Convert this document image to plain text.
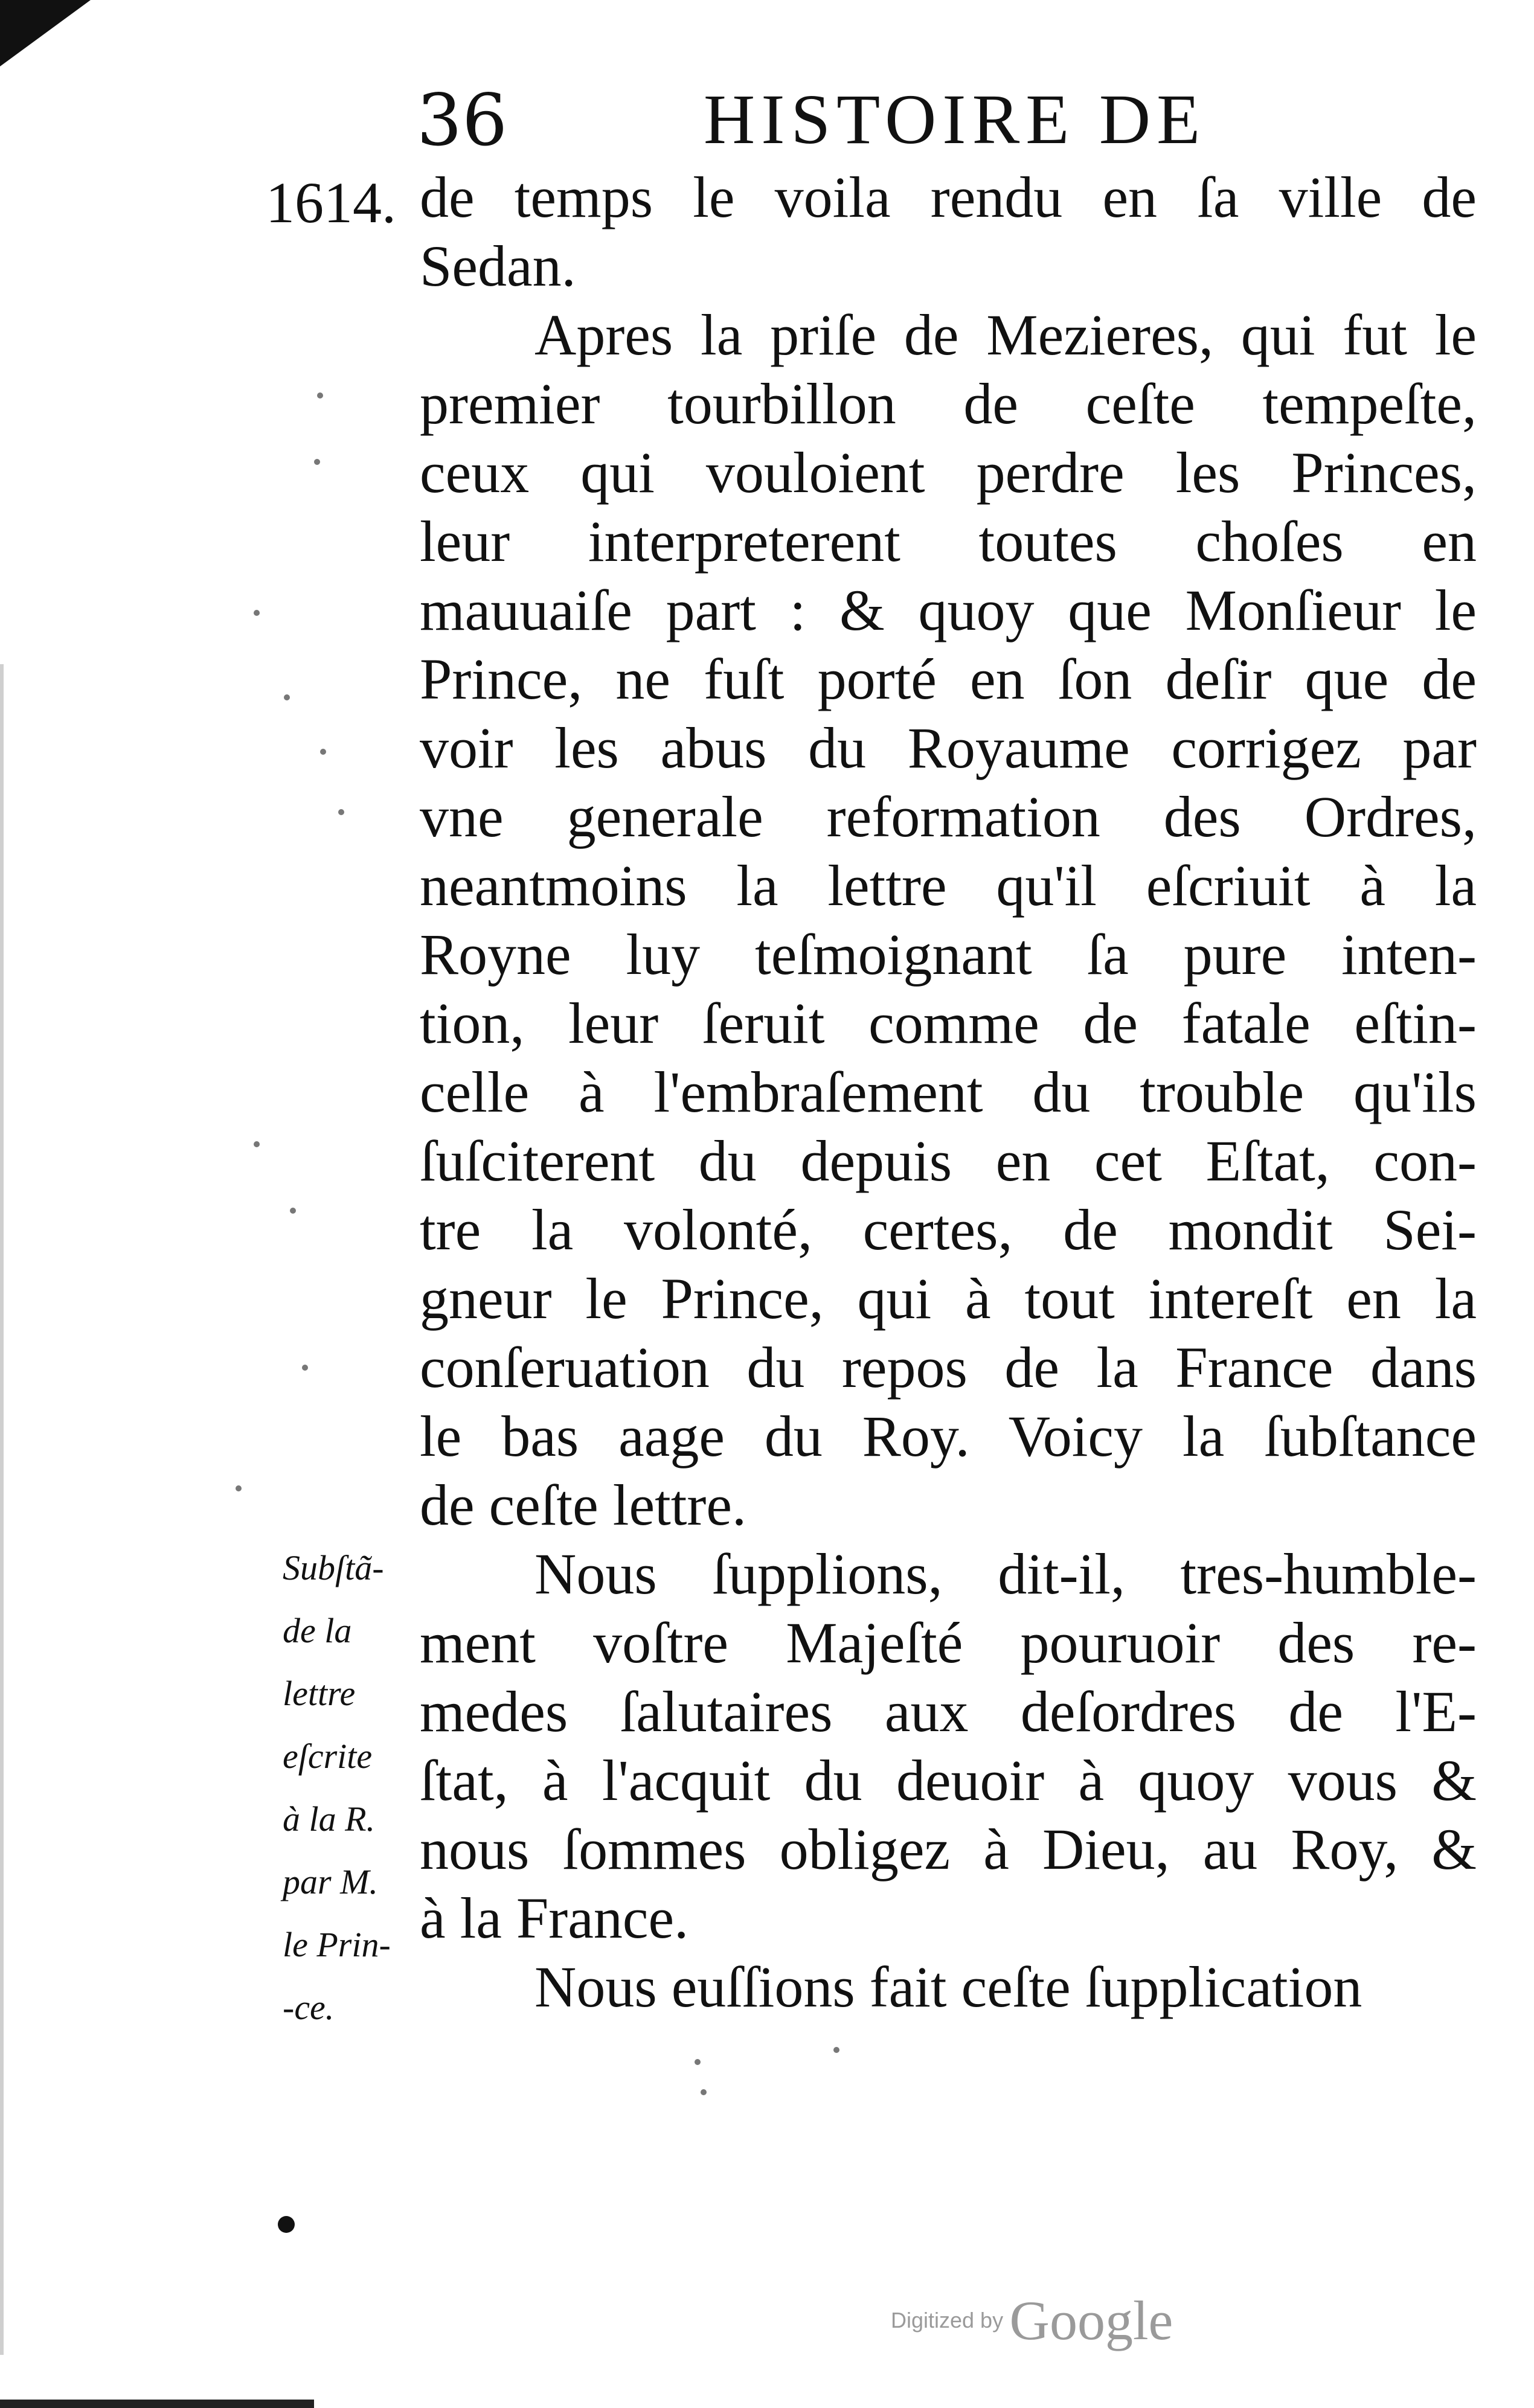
36	HISTOIRE DE
1614. de temps le voila rendu en ſa ville de
Sedan.
Apres la priſe de Mezieres, qui fut le
premier tourbillon de ceſte tempeſte,
ceux qui vouloient perdre les Princes,
leur interpreterent toutes choſes en
mauuaiſe part : & quoy que Monſieur le
Prince, ne fuſt porté en ſon deſir que de
voir les abus du Royaume corrigez par
vne generale reformation des Ordres,
neantmoins la lettre qu'il eſcriuit à la
Royne luy teſmoignant ſa pure inten-
tion, leur ſeruit comme de fatale eſtin-
celle à l'embraſement du trouble qu'ils
ſuſciterent du depuis en cet Eſtat, con-
tre la volonté, certes, de mondit Sei-
gneur le Prince, qui à tout intereſt en la
conſeruation du repos de la France dans
le bas aage du Roy. Voicy la ſubſtance
de ceſte lettre.
Nous ſupplions, dit-il, tres-humble-
ment voſtre Majeſté pouruoir des re-
medes ſalutaires aux deſordres de l'E-
ſtat, à l'acquit du deuoir à quoy vous &
nous ſommes obligez à Dieu, au Roy, &
à la France.
Nous euſſions fait ceſte ſupplication
Subſtã-
de la
lettre
eſcrite
à la R.
par M.
le Prin-
-ce.
Digitized by Google
